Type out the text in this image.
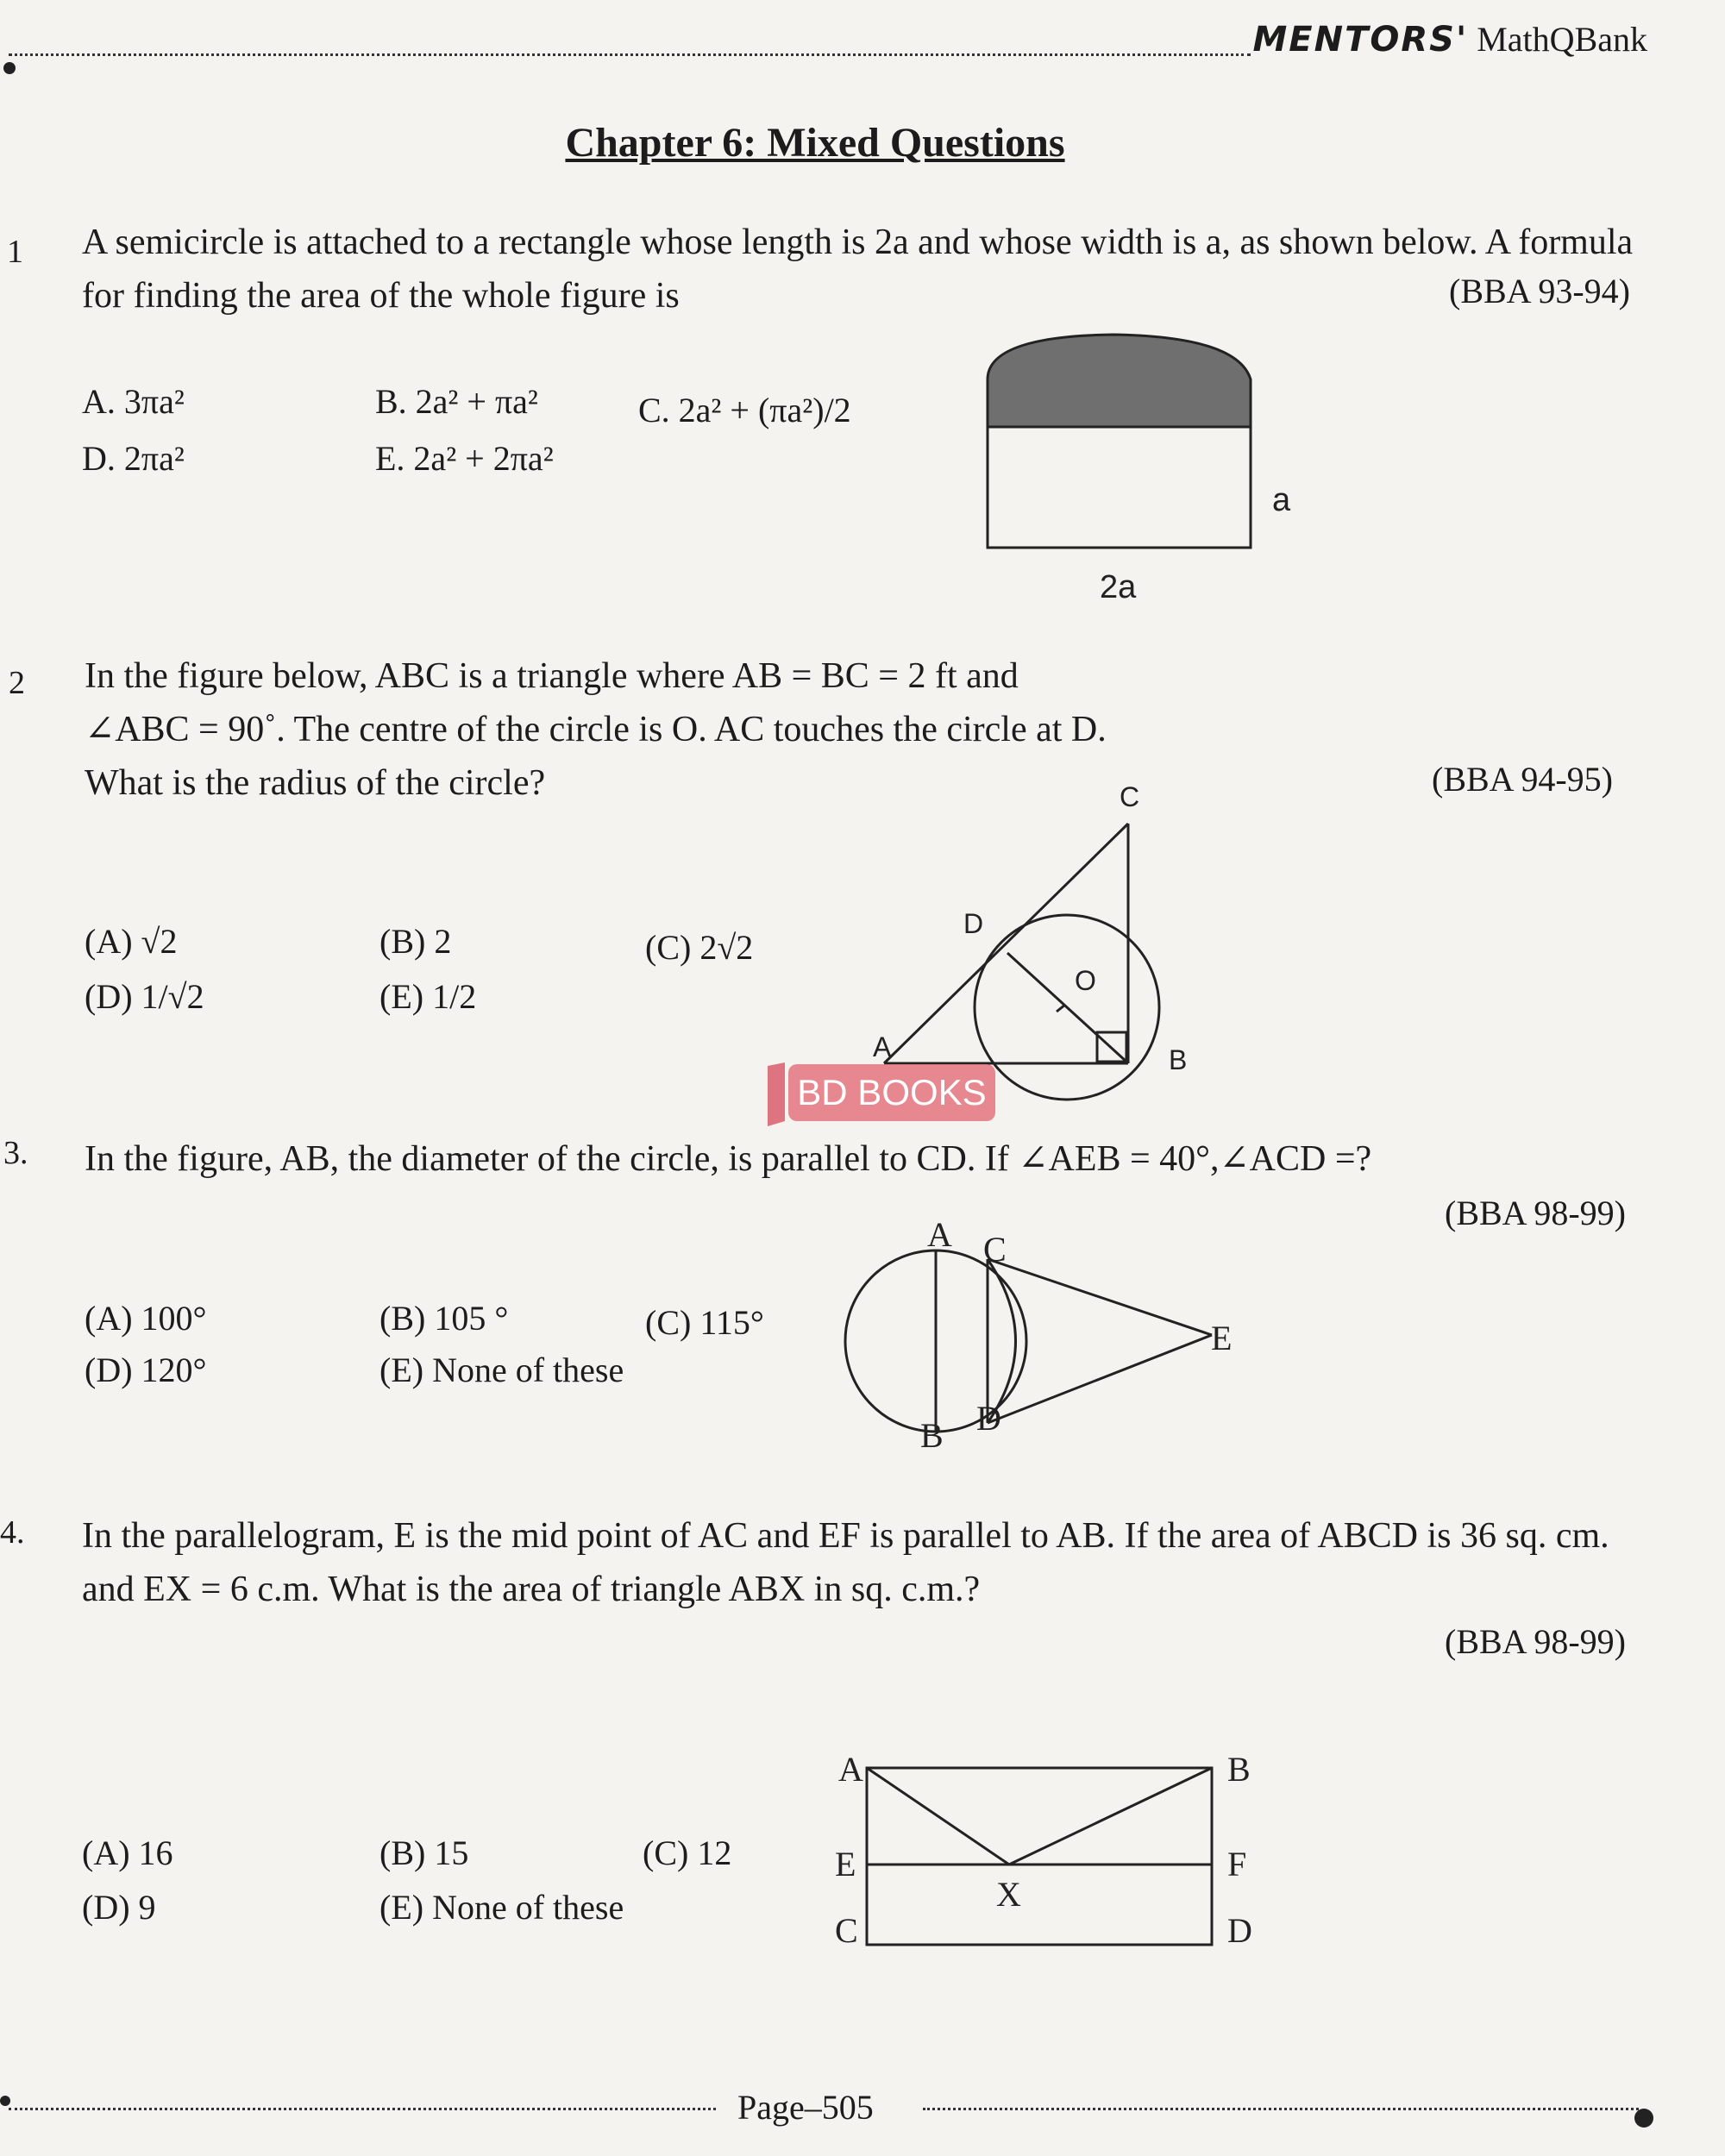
MENTORS' MathQBank
Chapter 6: Mixed Questions
1 A semicircle is attached to a rectangle whose length is 2a and whose width is a, as shown below. A formula for finding the area of the whole figure is	(BBA 93-94)
A. 3πa²	B. 2a² + πa²	C. 2a² + (πa²)/2
D. 2πa²	E. 2a² + 2πa²
a
2a
2 In the figure below, ABC is a triangle where AB = BC = 2 ft and
∠ABC = 90˚. The centre of the circle is O. AC touches the circle at D.
What is the radius of the circle?	(BBA 94-95)
(A) √2	(B) 2	(C) 2√2
(D) 1/√2	(E) 1/2
C
D
O
A	B
BD BOOKS
3. In the figure, AB, the diameter of the circle, is parallel to CD. If ∠AEB = 40°,∠ACD =?
(BBA 98-99)
(A) 100°	(B) 105 °	(C) 115°
(D) 120°	(E) None of these
A C
E
B D
4. In the parallelogram, E is the mid point of AC and EF is parallel to AB. If the area of ABCD is 36 sq. cm. and EX = 6 c.m. What is the area of triangle ABX in sq. c.m.?
(BBA 98-99)
(A) 16	(B) 15	(C) 12
(D) 9	(E) None of these
A	B
E	F
X
C	D
Page–505
